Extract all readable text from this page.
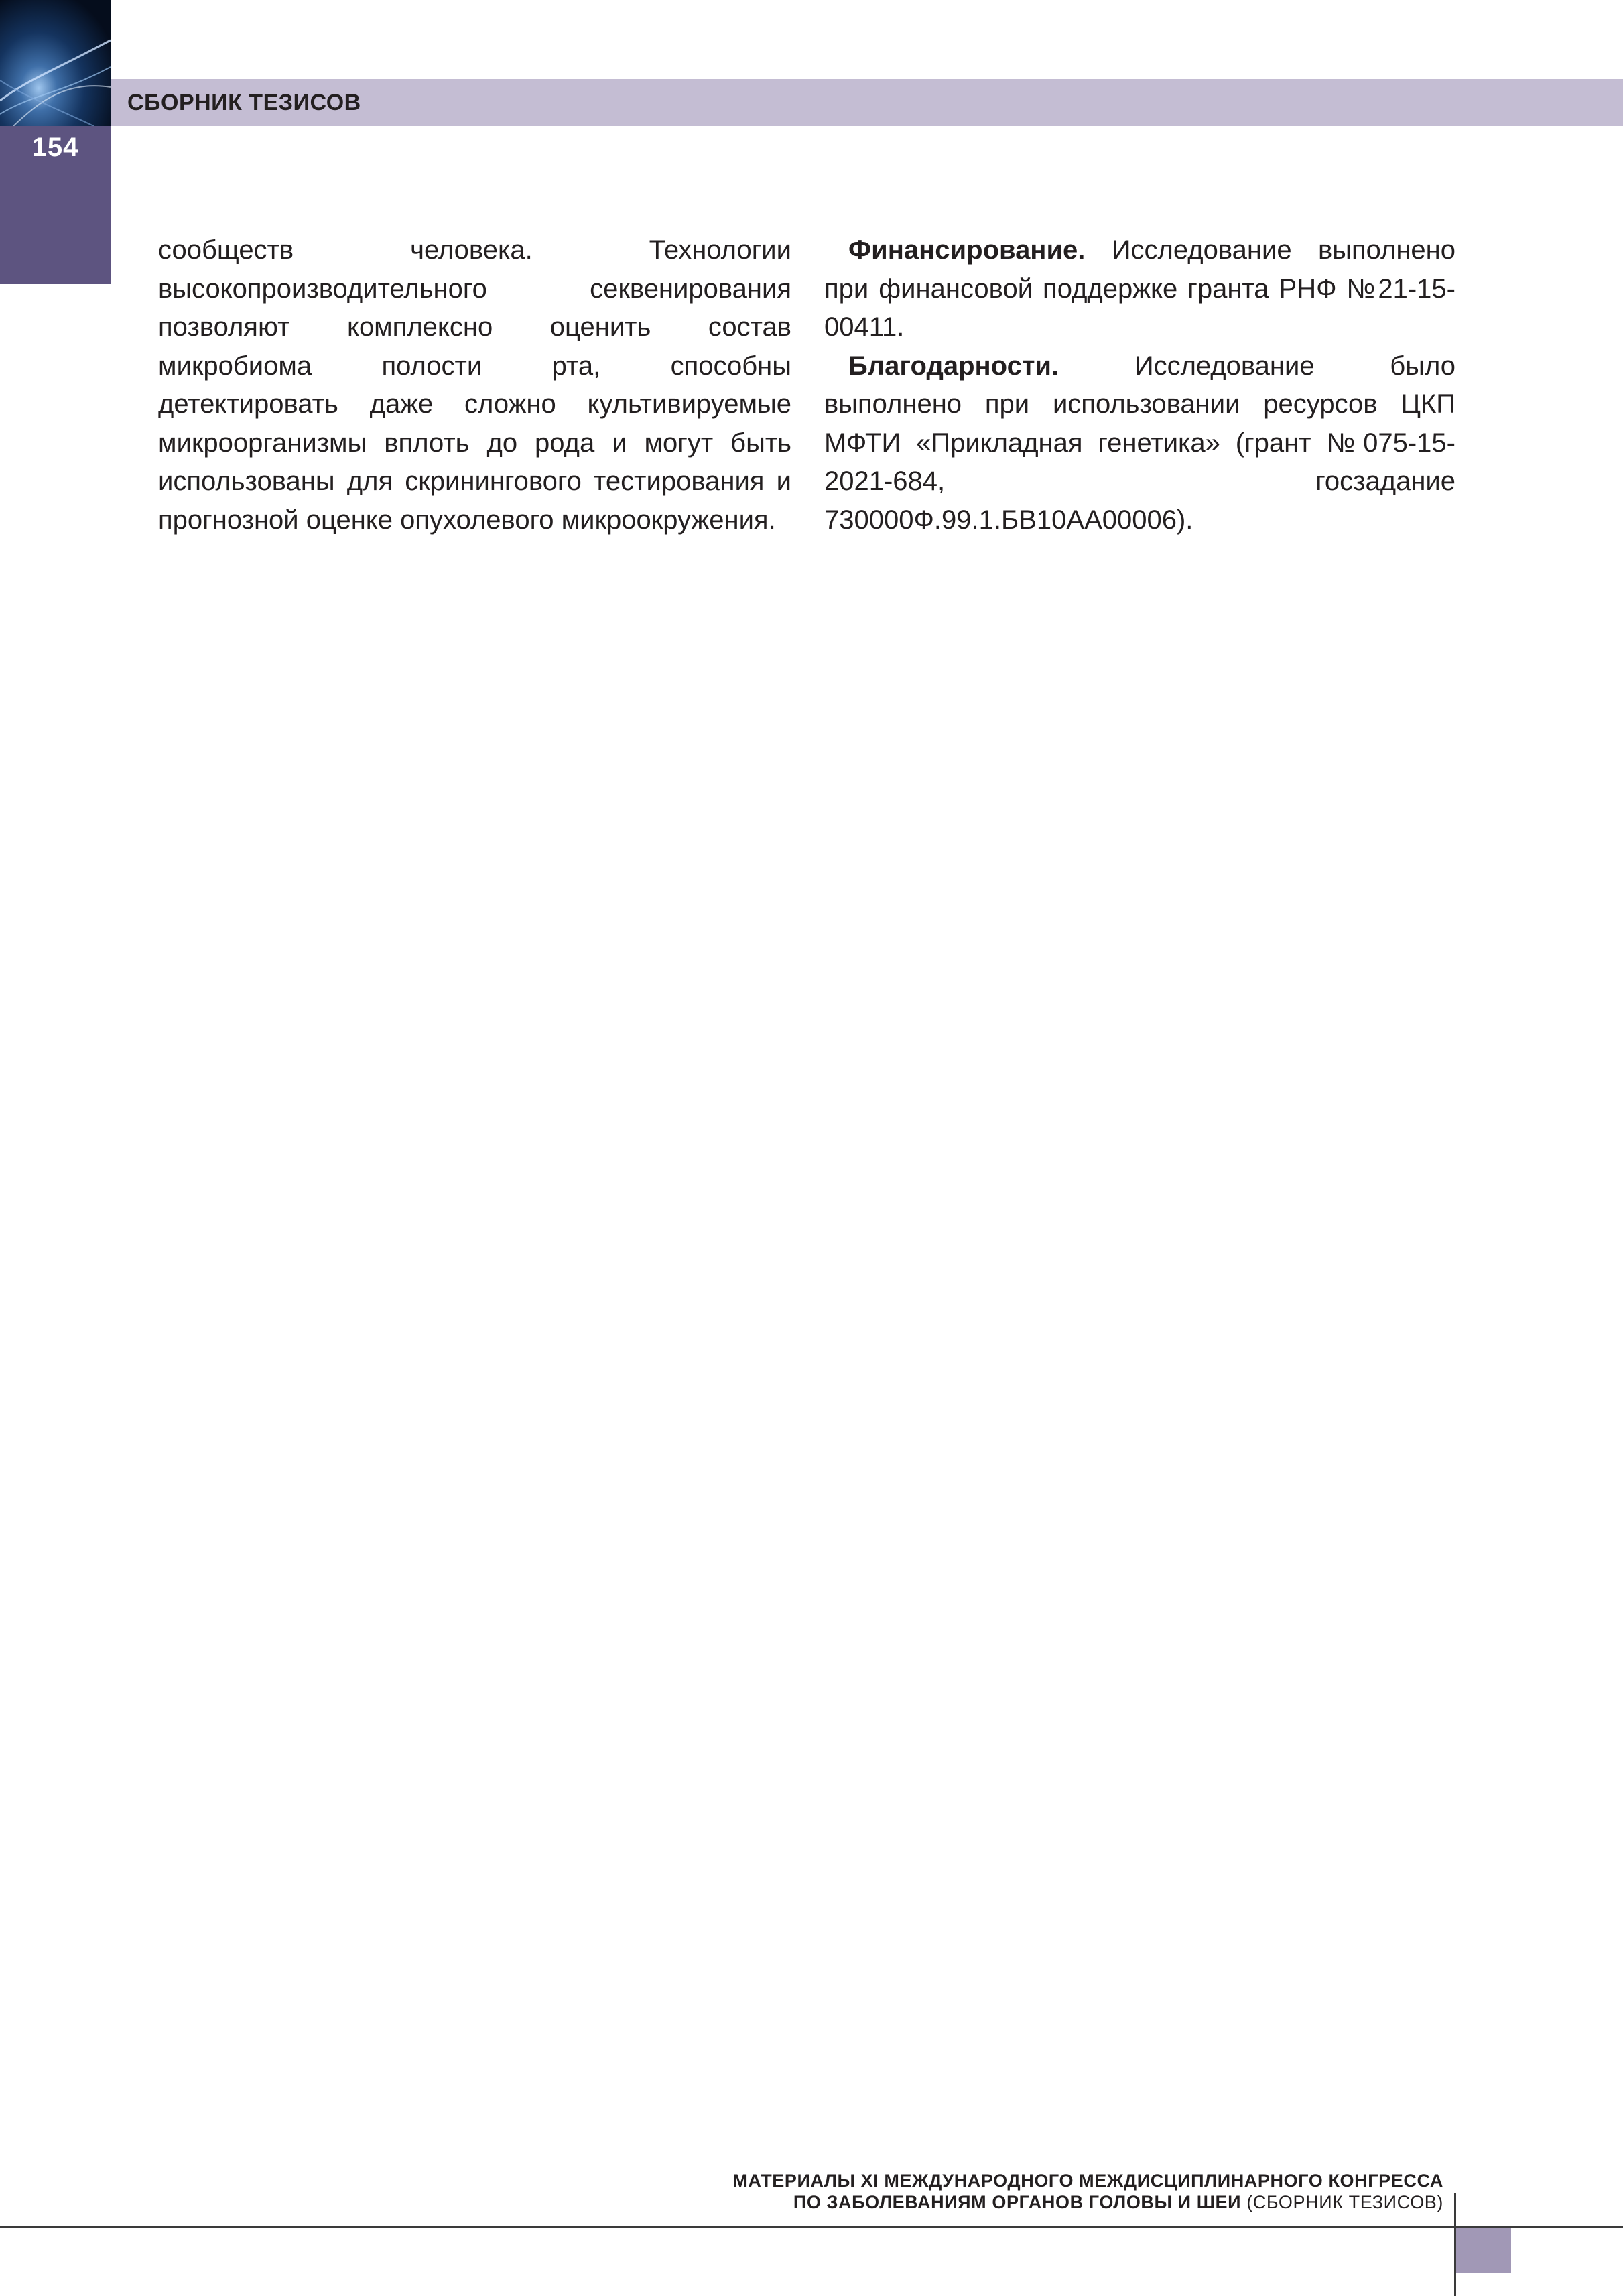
154
СБОРНИК ТЕЗИСОВ

сообществ человека. Технологии высокопроизводительного секвенирования позволяют комплексно оценить состав микробиома полости рта, способны детектировать даже сложно культивируемые микроорганизмы вплоть до рода и могут быть использованы для скринингового тестирования и прогнозной оценке опухолевого микроокружения.

Финансирование. Исследование выполнено при финансовой поддержке гранта РНФ №21-15-00411.

Благодарности. Исследование было выполнено при использовании ресурсов ЦКП МФТИ «Прикладная генетика» (грант №075-15-2021-684, госзадание 730000Ф.99.1.БВ10АА00006).

МАТЕРИАЛЫ XI МЕЖДУНАРОДНОГО МЕЖДИСЦИПЛИНАРНОГО КОНГРЕССА
ПО ЗАБОЛЕВАНИЯМ ОРГАНОВ ГОЛОВЫ И ШЕИ (СБОРНИК ТЕЗИСОВ)
